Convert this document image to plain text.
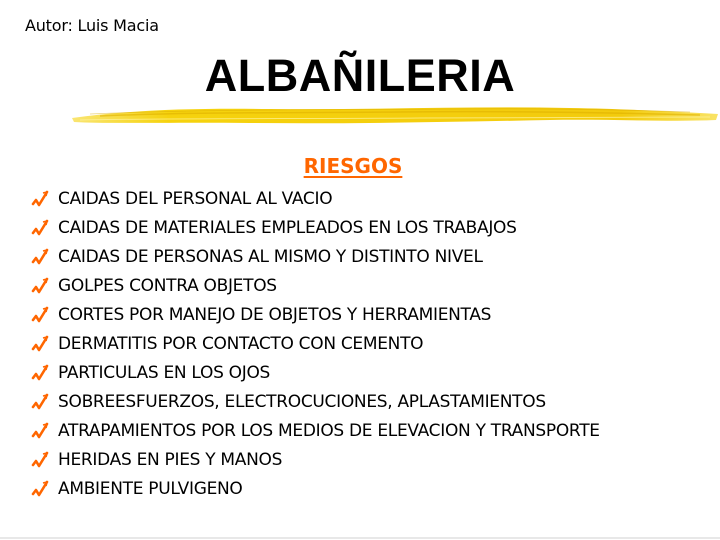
Autor: Luis Macia
ALBAÑILERIA
RIESGOS
CAIDAS DEL PERSONAL AL VACIO
CAIDAS DE MATERIALES EMPLEADOS EN LOS TRABAJOS
CAIDAS DE PERSONAS AL MISMO Y DISTINTO NIVEL
GOLPES CONTRA OBJETOS
CORTES POR MANEJO DE OBJETOS Y HERRAMIENTAS
DERMATITIS POR CONTACTO CON CEMENTO
PARTICULAS EN LOS OJOS
SOBREESFUERZOS, ELECTROCUCIONES, APLASTAMIENTOS
ATRAPAMIENTOS POR LOS MEDIOS DE ELEVACION Y TRANSPORTE
HERIDAS EN PIES Y MANOS
AMBIENTE PULVIGENO
